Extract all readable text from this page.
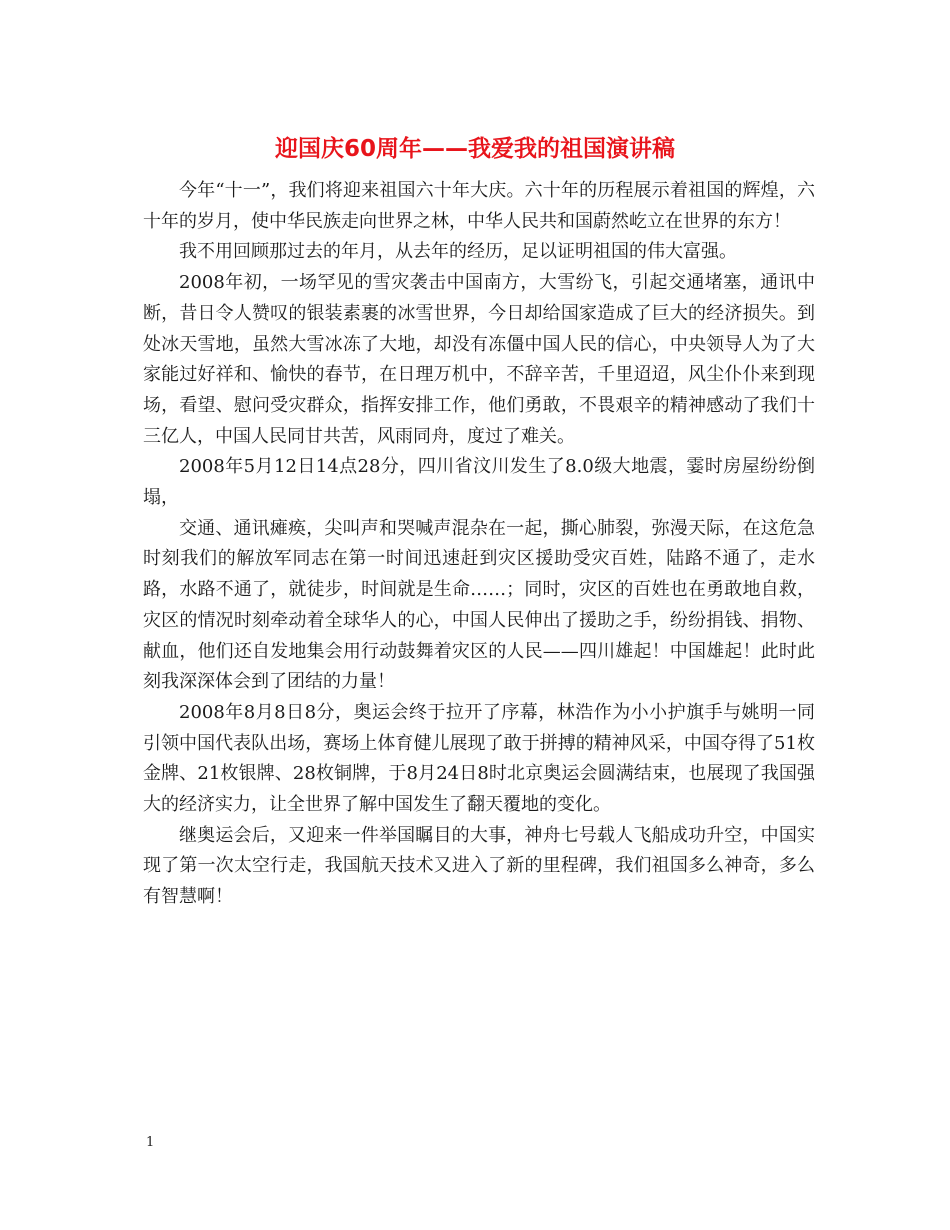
迎国庆60周年——我爱我的祖国演讲稿

今年“十一”，我们将迎来祖国六十年大庆。六十年的历程展示着祖国的辉煌，六十年的岁月，使中华民族走向世界之林，中华人民共和国蔚然屹立在世界的东方！

我不用回顾那过去的年月，从去年的经历，足以证明祖国的伟大富强。

2008年初，一场罕见的雪灾袭击中国南方，大雪纷飞，引起交通堵塞，通讯中断，昔日令人赞叹的银装素裹的冰雪世界，今日却给国家造成了巨大的经济损失。到处冰天雪地，虽然大雪冰冻了大地，却没有冻僵中国人民的信心，中央领导人为了大家能过好祥和、愉快的春节，在日理万机中，不辞辛苦，千里迢迢，风尘仆仆来到现场，看望、慰问受灾群众，指挥安排工作，他们勇敢，不畏艰辛的精神感动了我们十三亿人，中国人民同甘共苦，风雨同舟，度过了难关。

2008年5月12日14点28分，四川省汶川发生了8.0级大地震，霎时房屋纷纷倒塌，

交通、通讯瘫痪，尖叫声和哭喊声混杂在一起，撕心肺裂，弥漫天际，在这危急时刻我们的解放军同志在第一时间迅速赶到灾区援助受灾百姓，陆路不通了，走水路，水路不通了，就徒步，时间就是生命……；同时，灾区的百姓也在勇敢地自救，灾区的情况时刻牵动着全球华人的心，中国人民伸出了援助之手，纷纷捐钱、捐物、献血，他们还自发地集会用行动鼓舞着灾区的人民——四川雄起！中国雄起！此时此刻我深深体会到了团结的力量！

2008年8月8日8分，奥运会终于拉开了序幕，林浩作为小小护旗手与姚明一同引领中国代表队出场，赛场上体育健儿展现了敢于拼搏的精神风采，中国夺得了51枚金牌、21枚银牌、28枚铜牌，于8月24日8时北京奥运会圆满结束，也展现了我国强大的经济实力，让全世界了解中国发生了翻天覆地的变化。

继奥运会后，又迎来一件举国瞩目的大事，神舟七号载人飞船成功升空，中国实现了第一次太空行走，我国航天技术又进入了新的里程碑，我们祖国多么神奇，多么有智慧啊！

1
